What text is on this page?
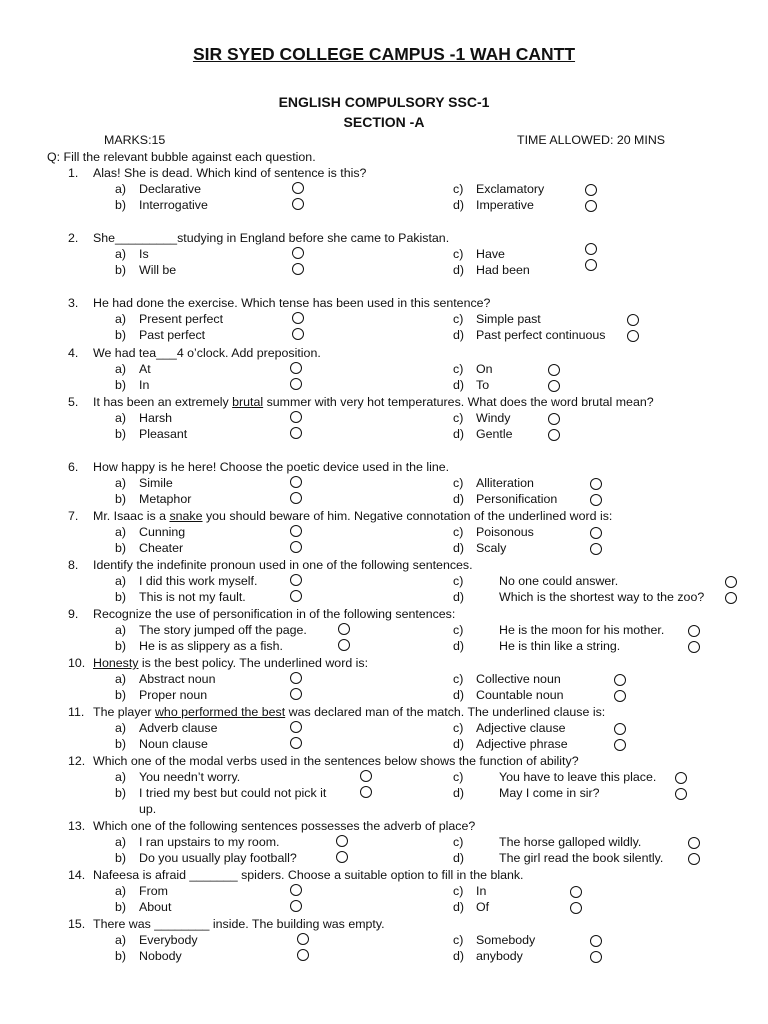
SIR SYED COLLEGE CAMPUS -1 WAH CANTT
ENGLISH COMPULSORY SSC-1
SECTION -A
MARKS:15	TIME ALLOWED: 20 MINS
Q: Fill the relevant bubble against each question.
1. Alas! She is dead. Which kind of sentence is this?
a) Declarative
b) Interrogative
c) Exclamatory
d) Imperative
2. She_________studying in England before she came to Pakistan.
a) Is
b) Will be
c) Have
d) Had been
3. He had done the exercise. Which tense has been used in this sentence?
a) Present perfect
b) Past perfect
c) Simple past
d) Past perfect continuous
4. We had tea___4 o’clock. Add preposition.
a) At
b) In
c) On
d) To
5. It has been an extremely brutal summer with very hot temperatures. What does the word brutal mean?
a) Harsh
b) Pleasant
c) Windy
d) Gentle
6. How happy is he here! Choose the poetic device used in the line.
a) Simile
b) Metaphor
c) Alliteration
d) Personification
7. Mr. Isaac is a snake you should beware of him. Negative connotation of the underlined word is:
a) Cunning
b) Cheater
c) Poisonous
d) Scaly
8. Identify the indefinite pronoun used in one of the following sentences.
a) I did this work myself.
b) This is not my fault.
c)	No one could answer.
d)	Which is the shortest way to the zoo?
9. Recognize the use of personification in of the following sentences:
a) The story jumped off the page.
b) He is as slippery as a fish.
c)	He is the moon for his mother.
d)	He is thin like a string.
10. Honesty is the best policy. The underlined word is:
a) Abstract noun
b) Proper noun
c) Collective noun
d) Countable noun
11. The player who performed the best was declared man of the match. The underlined clause is:
a) Adverb clause
b) Noun clause
c) Adjective clause
d) Adjective phrase
12. Which one of the modal verbs used in the sentences below shows the function of ability?
a) You needn’t worry.
b) I tried my best but could not pick it
c)	You have to leave this place.
d)	May I come in sir?
up.
13. Which one of the following sentences possesses the adverb of place?
a) I ran upstairs to my room.
b) Do you usually play football?
c)	The horse galloped wildly.
d)	The girl read the book silently.
14. Nafeesa is afraid _______ spiders. Choose a suitable option to fill in the blank.
a) From
b) About
c) In
d) Of
15. There was ________ inside. The building was empty.
a) Everybody
b) Nobody
c) Somebody
d) anybody
